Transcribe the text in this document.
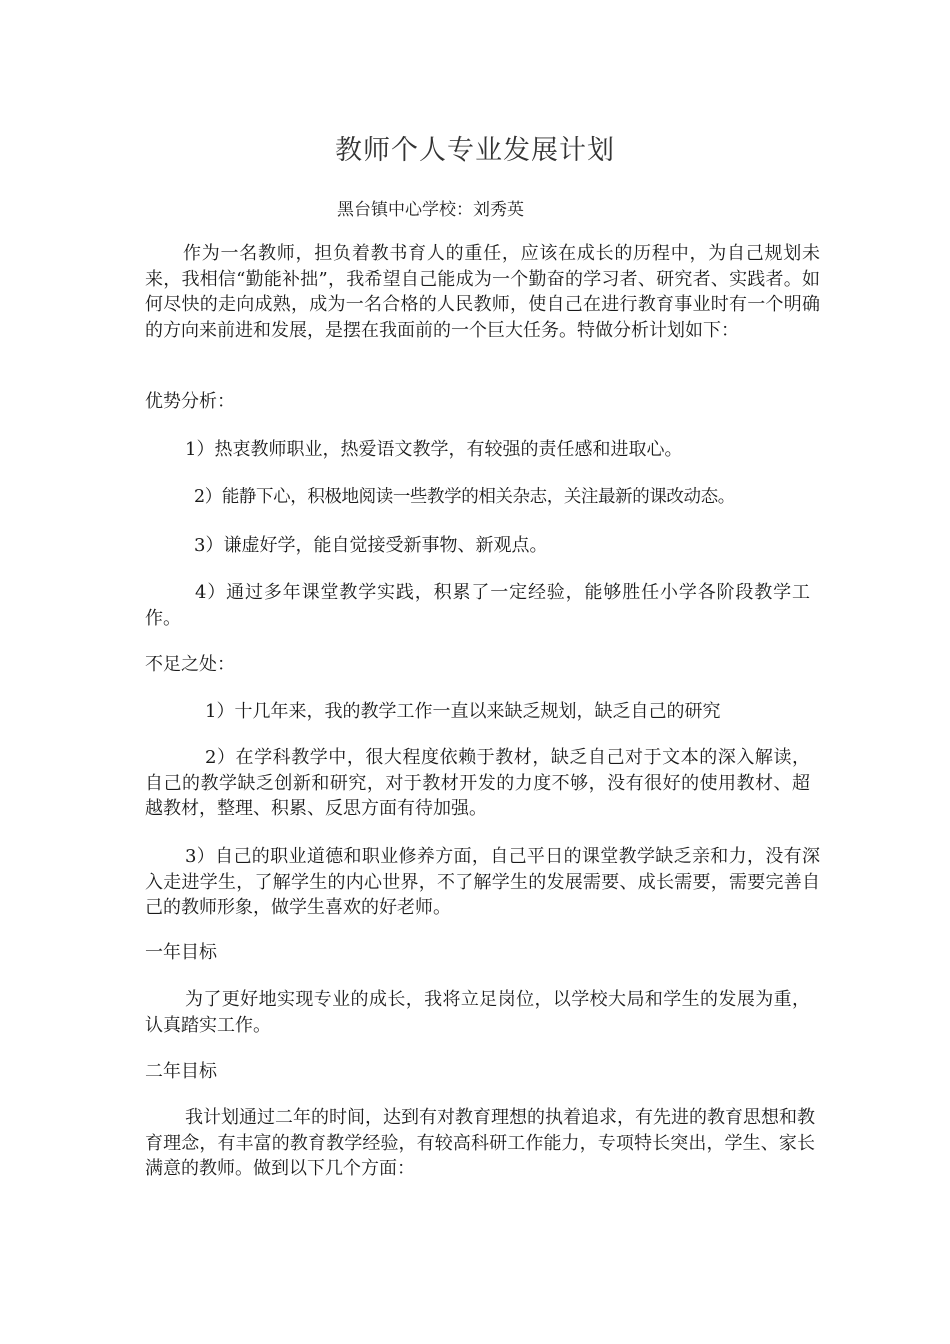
教师个人专业发展计划
黑台镇中心学校：刘秀英

作为一名教师，担负着教书育人的重任，应该在成长的历程中，为自己规划未来，我相信“勤能补拙”，我希望自己能成为一个勤奋的学习者、研究者、实践者。如何尽快的走向成熟，成为一名合格的人民教师，使自己在进行教育事业时有一个明确的方向来前进和发展，是摆在我面前的一个巨大任务。特做分析计划如下：

优势分析：

1）热衷教师职业，热爱语文教学，有较强的责任感和进取心。

2）能静下心，积极地阅读一些教学的相关杂志，关注最新的课改动态。

3）谦虚好学，能自觉接受新事物、新观点。

4）通过多年课堂教学实践，积累了一定经验，能够胜任小学各阶段教学工作。

不足之处：

1）十几年来，我的教学工作一直以来缺乏规划，缺乏自己的研究

2）在学科教学中，很大程度依赖于教材，缺乏自己对于文本的深入解读，自己的教学缺乏创新和研究，对于教材开发的力度不够，没有很好的使用教材、超越教材，整理、积累、反思方面有待加强。

3）自己的职业道德和职业修养方面，自己平日的课堂教学缺乏亲和力，没有深入走进学生，了解学生的内心世界，不了解学生的发展需要、成长需要，需要完善自己的教师形象，做学生喜欢的好老师。

一年目标

为了更好地实现专业的成长，我将立足岗位，以学校大局和学生的发展为重，认真踏实工作。

二年目标

我计划通过二年的时间，达到有对教育理想的执着追求，有先进的教育思想和教育理念，有丰富的教育教学经验，有较高科研工作能力，专项特长突出，学生、家长满意的教师。做到以下几个方面：
